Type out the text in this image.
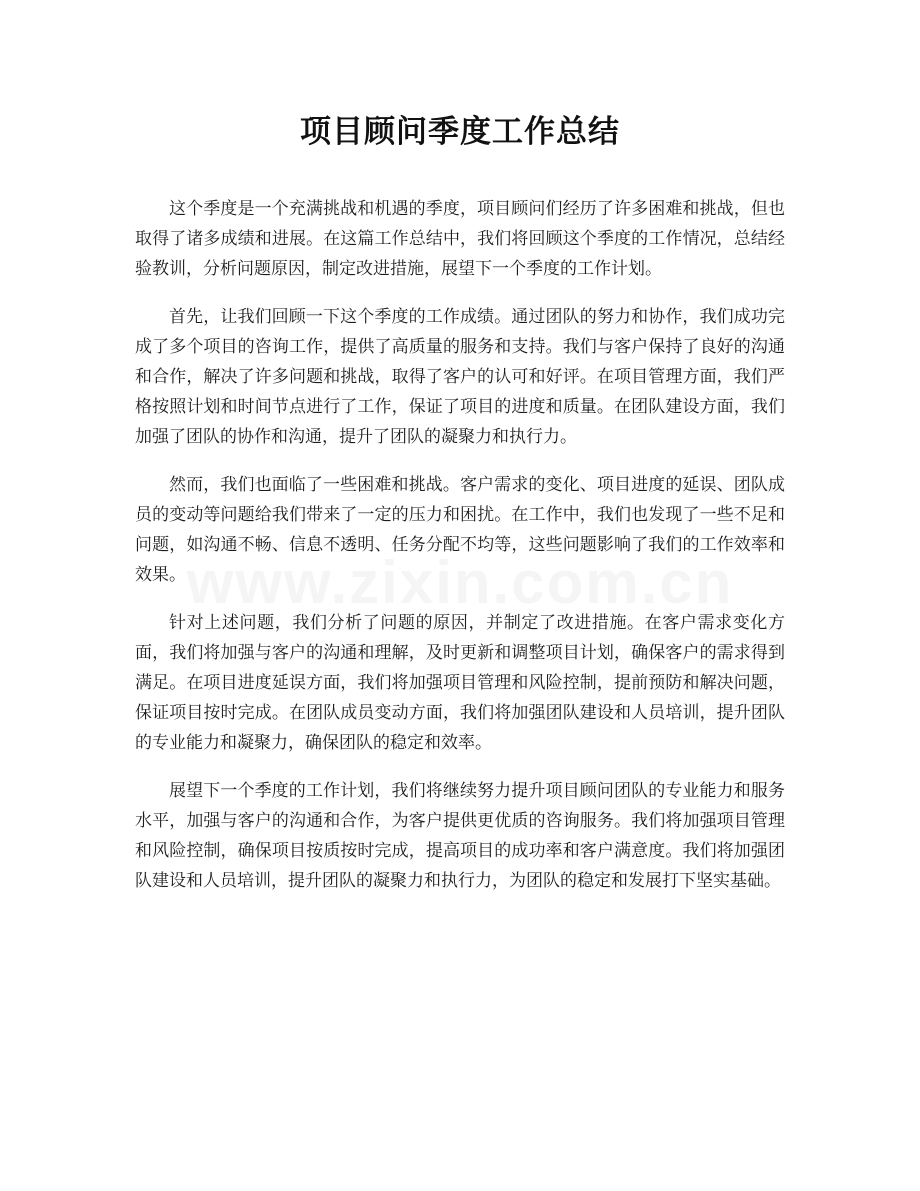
项目顾问季度工作总结

这个季度是一个充满挑战和机遇的季度，项目顾问们经历了许多困难和挑战，但也取得了诸多成绩和进展。在这篇工作总结中，我们将回顾这个季度的工作情况，总结经验教训，分析问题原因，制定改进措施，展望下一个季度的工作计划。

首先，让我们回顾一下这个季度的工作成绩。通过团队的努力和协作，我们成功完成了多个项目的咨询工作，提供了高质量的服务和支持。我们与客户保持了良好的沟通和合作，解决了许多问题和挑战，取得了客户的认可和好评。在项目管理方面，我们严格按照计划和时间节点进行了工作，保证了项目的进度和质量。在团队建设方面，我们加强了团队的协作和沟通，提升了团队的凝聚力和执行力。

然而，我们也面临了一些困难和挑战。客户需求的变化、项目进度的延误、团队成员的变动等问题给我们带来了一定的压力和困扰。在工作中，我们也发现了一些不足和问题，如沟通不畅、信息不透明、任务分配不均等，这些问题影响了我们的工作效率和效果。

针对上述问题，我们分析了问题的原因，并制定了改进措施。在客户需求变化方面，我们将加强与客户的沟通和理解，及时更新和调整项目计划，确保客户的需求得到满足。在项目进度延误方面，我们将加强项目管理和风险控制，提前预防和解决问题，保证项目按时完成。在团队成员变动方面，我们将加强团队建设和人员培训，提升团队的专业能力和凝聚力，确保团队的稳定和效率。

展望下一个季度的工作计划，我们将继续努力提升项目顾问团队的专业能力和服务水平，加强与客户的沟通和合作，为客户提供更优质的咨询服务。我们将加强项目管理和风险控制，确保项目按质按时完成，提高项目的成功率和客户满意度。我们将加强团队建设和人员培训，提升团队的凝聚力和执行力，为团队的稳定和发展打下坚实基础。

www.zixin.com.cn
